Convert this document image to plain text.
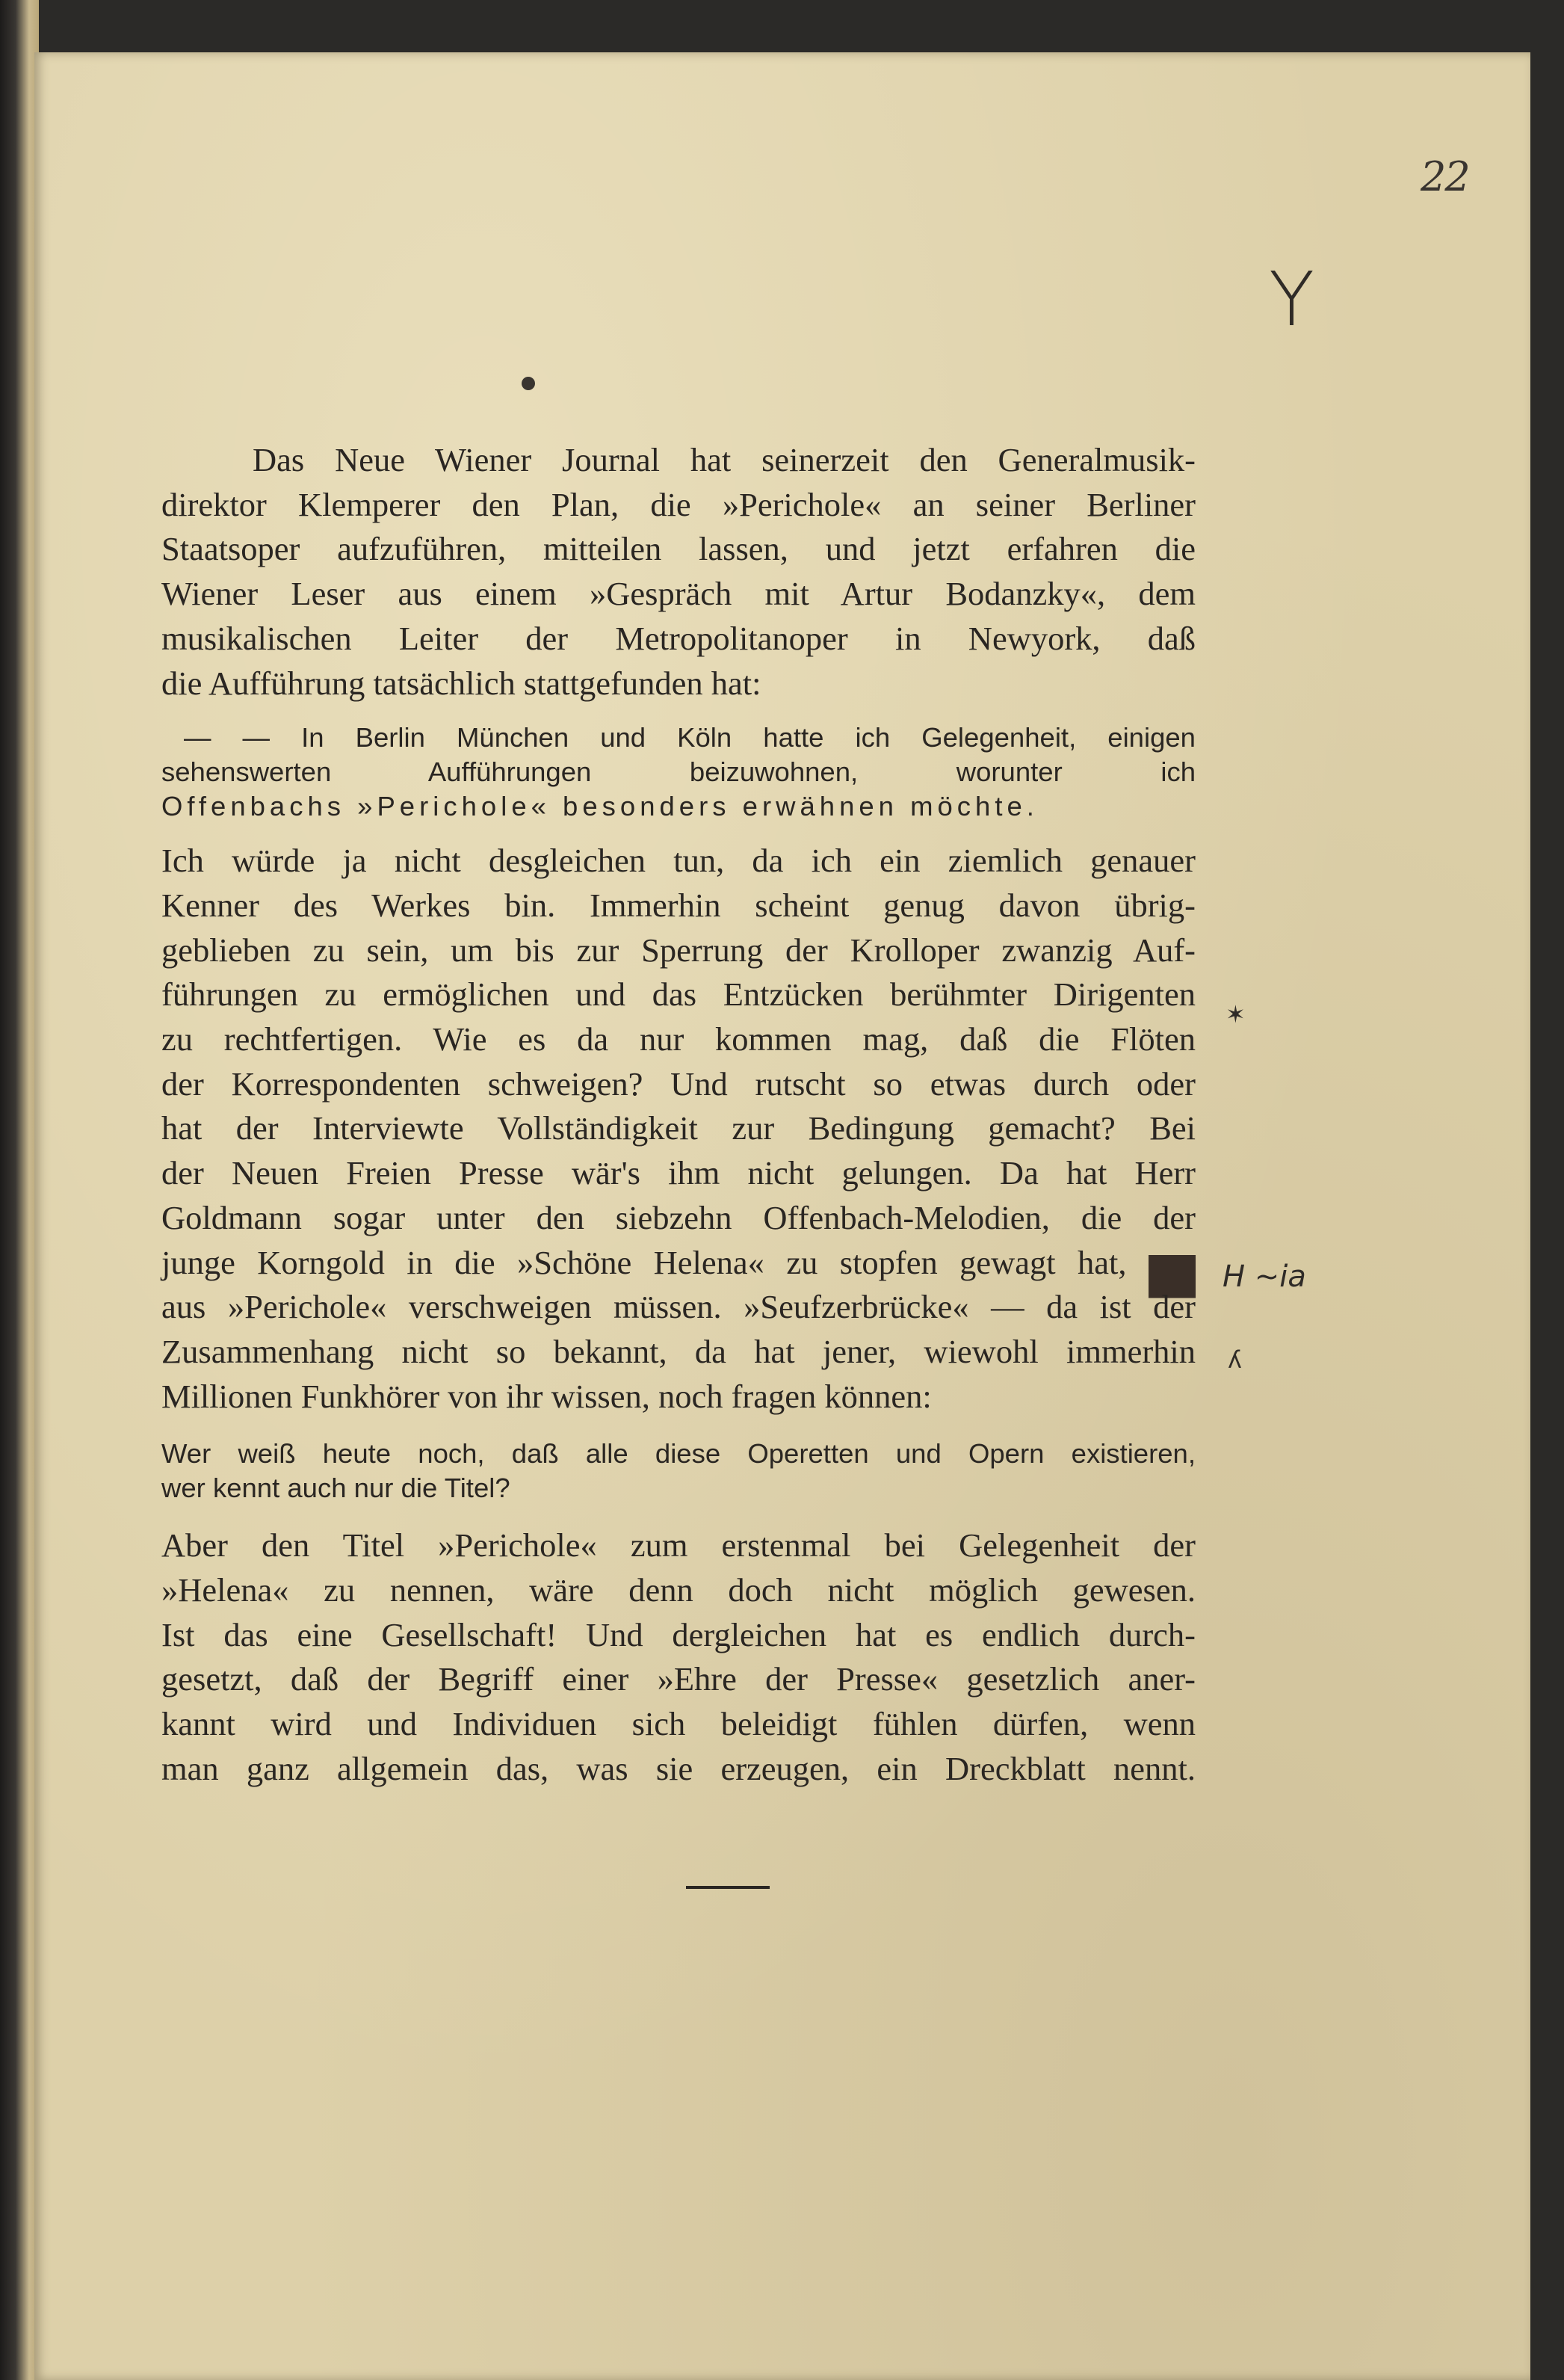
22
Y
Das Neue Wiener Journal hat seinerzeit den Generalmusik-
direktor Klemperer den Plan, die »Perichole« an seiner Berliner
Staatsoper aufzuführen, mitteilen lassen, und jetzt erfahren die
Wiener Leser aus einem »Gespräch mit Artur Bodanzky«, dem
musikalischen Leiter der Metropolitanoper in Newyork, daß
die Aufführung tatsächlich stattgefunden hat:
— — In Berlin München und Köln hatte ich Gelegenheit, einigen
sehenswerten Aufführungen beizuwohnen, worunter ich
Offenbachs »Perichole« besonders erwähnen möchte.
Ich würde ja nicht desgleichen tun, da ich ein ziemlich genauer
Kenner des Werkes bin. Immerhin scheint genug davon übrig-
geblieben zu sein, um bis zur Sperrung der Krolloper zwanzig Auf-
führungen zu ermöglichen und das Entzücken berühmter Dirigenten
zu rechtfertigen. Wie es da nur kommen mag, daß die Flöten
der Korrespondenten schweigen? Und rutscht so etwas durch oder
hat der Interviewte Vollständigkeit zur Bedingung gemacht? Bei
der Neuen Freien Presse wär's ihm nicht gelungen. Da hat Herr
Goldmann sogar unter den siebzehn Offenbach-Melodien, die der
junge Korngold in die »Schöne Helena« zu stopfen gewagt hat, ██
aus »Perichole« verschweigen müssen. »Seufzerbrücke« — da ist der
Zusammenhang nicht so bekannt, da hat jener, wiewohl immerhin
Millionen Funkhörer von ihr wissen, noch fragen können:
Wer weiß heute noch, daß alle diese Operetten und Opern existieren,
wer kennt auch nur die Titel?
Aber den Titel »Perichole« zum erstenmal bei Gelegenheit der
»Helena« zu nennen, wäre denn doch nicht möglich gewesen.
Ist das eine Gesellschaft! Und dergleichen hat es endlich durch-
gesetzt, daß der Begriff einer »Ehre der Presse« gesetzlich aner-
kannt wird und Individuen sich beleidigt fühlen dürfen, wenn
man ganz allgemein das, was sie erzeugen, ein Dreckblatt nennt.
✶
H ~ia
ʎ
